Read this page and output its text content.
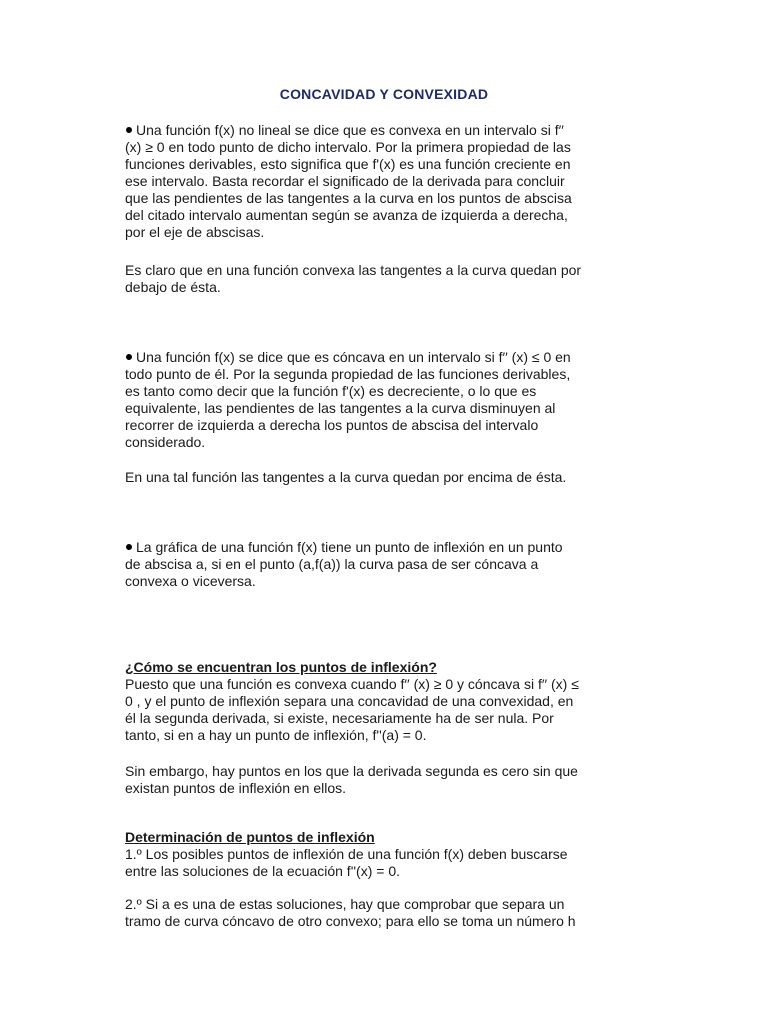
CONCAVIDAD Y CONVEXIDAD

Una función f(x) no lineal se dice que es convexa en un intervalo si f′′
(x) ≥ 0 en todo punto de dicho intervalo. Por la primera propiedad de las
funciones derivables, esto significa que f'(x) es una función creciente en
ese intervalo. Basta recordar el significado de la derivada para concluir
que las pendientes de las tangentes a la curva en los puntos de abscisa
del citado intervalo aumentan según se avanza de izquierda a derecha,
por el eje de abscisas.

Es claro que en una función convexa las tangentes a la curva quedan por
debajo de ésta.

Una función f(x) se dice que es cóncava en un intervalo si f′′ (x) ≤ 0 en
todo punto de él. Por la segunda propiedad de las funciones derivables,
es tanto como decir que la función f'(x) es decreciente, o lo que es
equivalente, las pendientes de las tangentes a la curva disminuyen al
recorrer de izquierda a derecha los puntos de abscisa del intervalo
considerado.

En una tal función las tangentes a la curva quedan por encima de ésta.

La gráfica de una función f(x) tiene un punto de inflexión en un punto
de abscisa a, si en el punto (a,f(a)) la curva pasa de ser cóncava a
convexa o viceversa.

¿Cómo se encuentran los puntos de inflexión?
Puesto que una función es convexa cuando f′′ (x) ≥ 0 y cóncava si f′′ (x) ≤
0 , y el punto de inflexión separa una concavidad de una convexidad, en
él la segunda derivada, si existe, necesariamente ha de ser nula. Por
tanto, si en a hay un punto de inflexión, f''(a) = 0.

Sin embargo, hay puntos en los que la derivada segunda es cero sin que
existan puntos de inflexión en ellos.

Determinación de puntos de inflexión
1.º Los posibles puntos de inflexión de una función f(x) deben buscarse
entre las soluciones de la ecuación f''(x) = 0.

2.º Si a es una de estas soluciones, hay que comprobar que separa un
tramo de curva cóncavo de otro convexo; para ello se toma un número h
